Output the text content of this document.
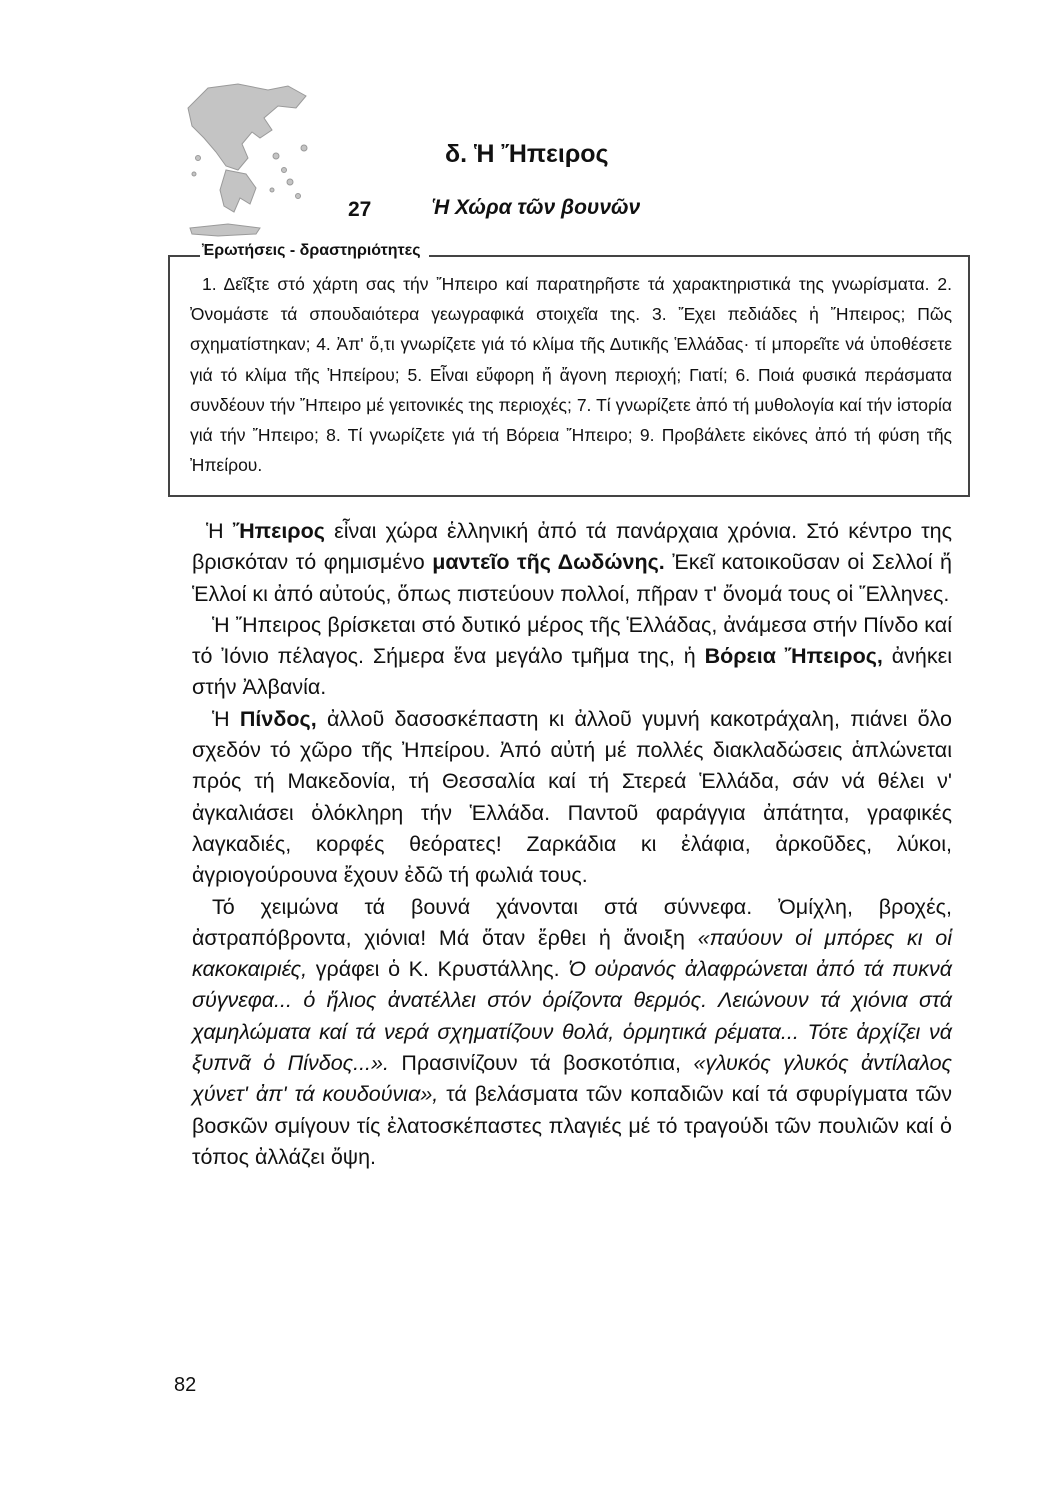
δ. Ἡ Ἤπειρος
27	Ἡ Χώρα τῶν βουνῶν
Ἐρωτήσεις - δραστηριότητες
1. Δεῖξτε στό χάρτη σας τήν Ἤπειρο καί παρατηρῆστε τά χαρακτηριστικά της γνωρίσματα. 2. Ὀνομάστε τά σπουδαιότερα γεωγραφικά στοιχεῖα της. 3. Ἔχει πεδιάδες ἡ Ἤπειρος; Πῶς σχηματίστηκαν; 4. Ἀπ' ὅ,τι γνωρίζετε γιά τό κλίμα τῆς Δυτικῆς Ἑλλάδας· τί μπορεῖτε νά ὑποθέσετε γιά τό κλίμα τῆς Ἠπείρου; 5. Εἶναι εὔφορη ἤ ἄγονη περιοχή; Γιατί; 6. Ποιά φυσικά περάσματα συνδέουν τήν Ἤπειρο μέ γειτονικές της περιοχές; 7. Τί γνωρίζετε ἀπό τή μυθολογία καί τήν ἱστορία γιά τήν Ἤπειρο; 8. Τί γνωρίζετε γιά τή Βόρεια Ἤπειρο; 9. Προβάλετε εἰκόνες ἀπό τή φύση τῆς Ἠπείρου.

Ἡ Ἤπειρος εἶναι χώρα ἑλληνική ἀπό τά πανάρχαια χρόνια. Στό κέντρο της βρισκόταν τό φημισμένο μαντεῖο τῆς Δωδώνης. Ἐκεῖ κατοικοῦσαν οἱ Σελλοί ἤ Ἑλλοί κι ἀπό αὐτούς, ὅπως πιστεύουν πολλοί, πῆραν τ' ὄνομά τους οἱ Ἕλληνες.

Ἡ Ἤπειρος βρίσκεται στό δυτικό μέρος τῆς Ἑλλάδας, ἀνάμεσα στήν Πίνδο καί τό Ἰόνιο πέλαγος. Σήμερα ἕνα μεγάλο τμῆμα της, ἡ Βόρεια Ἤπειρος, ἀνήκει στήν Ἀλβανία.

Ἡ Πίνδος, ἀλλοῦ δασοσκέπαστη κι ἀλλοῦ γυμνή κακοτράχαλη, πιάνει ὅλο σχεδόν τό χῶρο τῆς Ἠπείρου. Ἀπό αὐτή μέ πολλές διακλαδώσεις ἁπλώνεται πρός τή Μακεδονία, τή Θεσσαλία καί τή Στερεά Ἑλλάδα, σάν νά θέλει ν' ἀγκαλιάσει ὁλόκληρη τήν Ἑλλάδα. Παντοῦ φαράγγια ἀπάτητα, γραφικές λαγκαδιές, κορφές θεόρατες! Ζαρκάδια κι ἐλάφια, ἀρκοῦδες, λύκοι, ἀγριογούρουνα ἔχουν ἐδῶ τή φωλιά τους.

Τό χειμώνα τά βουνά χάνονται στά σύννεφα. Ὀμίχλη, βροχές, ἀστραπόβροντα, χιόνια! Μά ὅταν ἔρθει ἡ ἄνοιξη «παύουν οἱ μπόρες κι οἱ κακοκαιριές, γράφει ὁ Κ. Κρυστάλλης. Ὁ οὐρανός ἀλαφρώνεται ἀπό τά πυκνά σύγνεφα... ὁ ἥλιος ἀνατέλλει στόν ὁρίζοντα θερμός. Λειώνουν τά χιόνια στά χαμηλώματα καί τά νερά σχηματίζουν θολά, ὁρμητικά ρέματα... Τότε ἀρχίζει νά ξυπνᾶ ὁ Πίνδος...». Πρασινίζουν τά βοσκοτόπια, «γλυκός γλυκός ἀντίλαλος χύνετ' ἀπ' τά κουδούνια», τά βελάσματα τῶν κοπαδιῶν καί τά σφυρίγματα τῶν βοσκῶν σμίγουν τίς ἐλατοσκέπαστες πλαγιές μέ τό τραγούδι τῶν πουλιῶν καί ὁ τόπος ἀλλάζει ὄψη.

82
